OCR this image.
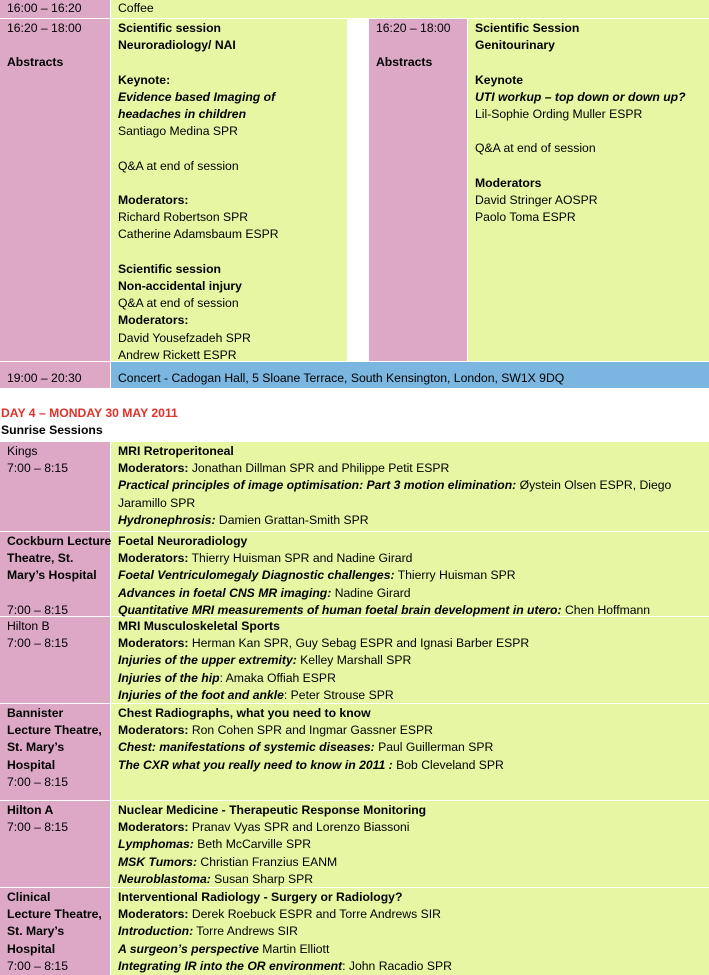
16:00 – 16:20	Coffee
16:20 – 18:00
Abstracts
Scientific session
Neuroradiology/ NAI
Keynote:
Evidence based Imaging of
headaches in children
Santiago Medina SPR
Q&A at end of session
Moderators:
Richard Robertson SPR
Catherine Adamsbaum ESPR
Scientific session
Non-accidental injury
Q&A at end of session
Moderators:
David Yousefzadeh SPR
Andrew Rickett ESPR
16:20 – 18:00
Abstracts
Scientific Session
Genitourinary
Keynote
UTI workup – top down or down up?
Lil-Sophie Ording Muller ESPR
Q&A at end of session
Moderators
David Stringer AOSPR
Paolo Toma ESPR
19:00 – 20:30	Concert - Cadogan Hall, 5 Sloane Terrace, South Kensington, London, SW1X 9DQ
DAY 4 – MONDAY 30 MAY 2011
Sunrise Sessions
Kings
7:00 – 8:15
MRI Retroperitoneal
Moderators: Jonathan Dillman SPR and Philippe Petit ESPR
Practical principles of image optimisation: Part 3 motion elimination: Øystein Olsen ESPR, Diego
Jaramillo SPR
Hydronephrosis: Damien Grattan-Smith SPR
Cockburn Lecture
Theatre, St.
Mary’s Hospital
7:00 – 8:15
Foetal Neuroradiology
Moderators: Thierry Huisman SPR and Nadine Girard
Foetal Ventriculomegaly Diagnostic challenges: Thierry Huisman SPR
Advances in foetal CNS MR imaging: Nadine Girard
Quantitative MRI measurements of human foetal brain development in utero: Chen Hoffmann
Hilton B
7:00 – 8:15
MRI Musculoskeletal Sports
Moderators: Herman Kan SPR, Guy Sebag ESPR and Ignasi Barber ESPR
Injuries of the upper extremity: Kelley Marshall SPR
Injuries of the hip: Amaka Offiah ESPR
Injuries of the foot and ankle: Peter Strouse SPR
Bannister
Lecture Theatre,
St. Mary’s
Hospital
7:00 – 8:15
Chest Radiographs, what you need to know
Moderators: Ron Cohen SPR and Ingmar Gassner ESPR
Chest: manifestations of systemic diseases: Paul Guillerman SPR
The CXR what you really need to know in 2011 : Bob Cleveland SPR
Hilton A
7:00 – 8:15
Nuclear Medicine - Therapeutic Response Monitoring
Moderators: Pranav Vyas SPR and Lorenzo Biassoni
Lymphomas: Beth McCarville SPR
MSK Tumors: Christian Franzius EANM
Neuroblastoma: Susan Sharp SPR
Clinical
Lecture Theatre,
St. Mary’s
Hospital
7:00 – 8:15
Interventional Radiology - Surgery or Radiology?
Moderators: Derek Roebuck ESPR and Torre Andrews SIR
Introduction: Torre Andrews SIR
A surgeon’s perspective Martin Elliott
Integrating IR into the OR environment: John Racadio SPR
